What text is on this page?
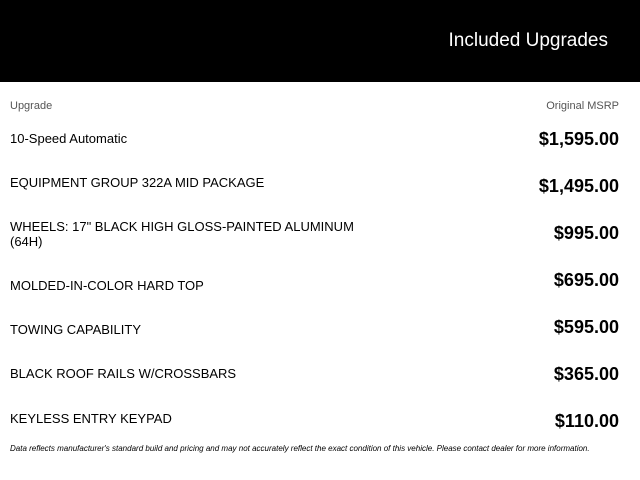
Included Upgrades
Upgrade	Original MSRP
10-Speed Automatic	$1,595.00
EQUIPMENT GROUP 322A MID PACKAGE	$1,495.00
WHEELS: 17" BLACK HIGH GLOSS-PAINTED ALUMINUM (64H)	$995.00
MOLDED-IN-COLOR HARD TOP	$695.00
TOWING CAPABILITY	$595.00
BLACK ROOF RAILS W/CROSSBARS	$365.00
KEYLESS ENTRY KEYPAD	$110.00
Data reflects manufacturer's standard build and pricing and may not accurately reflect the exact condition of this vehicle. Please contact dealer for more information.
